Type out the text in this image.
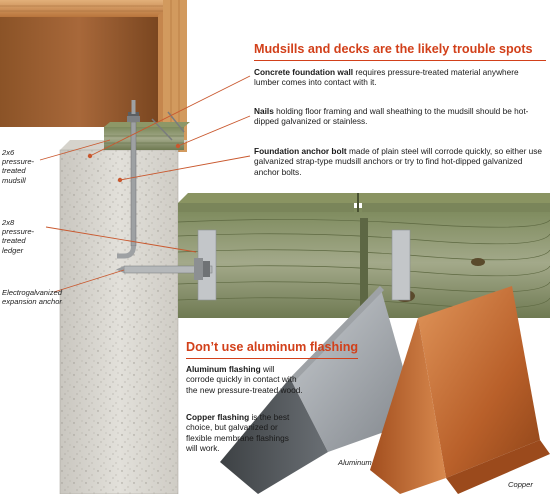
Mudsills and decks are the likely trouble spots
Concrete foundation wall requires pressure-treated material anywhere lumber comes into contact with it.
Nails holding floor framing and wall sheathing to the mudsill should be hot-dipped galvanized or stainless.
Foundation anchor bolt made of plain steel will corrode quickly, so either use galvanized strap-type mudsill anchors or try to find hot-dipped galvanized anchor bolts.
2x6 pressure-treated mudsill
2x8 pressure-treated ledger
Electrogalvanized expansion anchor
Don’t use aluminum flashing
Aluminum flashing will corrode quickly in contact with the new pressure-treated wood.
Copper flashing is the best choice, but galvanized or flexible membrane flashings will work.
Aluminum
Copper
